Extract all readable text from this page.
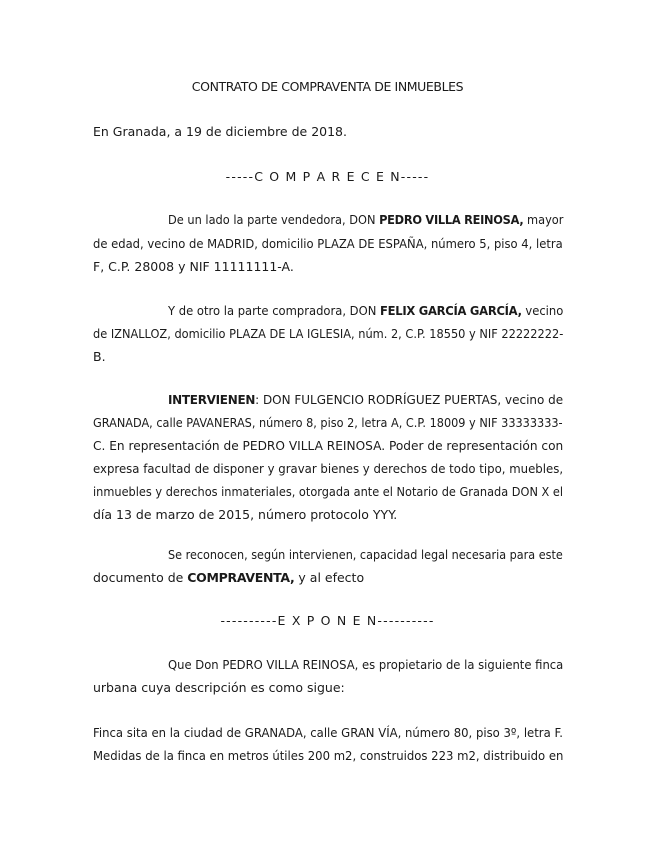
CONTRATO DE COMPRAVENTA DE INMUEBLES
En Granada, a 19 de diciembre de 2018.
-----C O M P A R E C E N-----
De un lado la parte vendedora, DON PEDRO VILLA REINOSA, mayor
de edad, vecino de MADRID, domicilio PLAZA DE ESPAÑA, número 5, piso 4, letra
F, C.P. 28008 y NIF 11111111-A.
Y de otro la parte compradora, DON FELIX GARCÍA GARCÍA, vecino
de IZNALLOZ, domicilio PLAZA DE LA IGLESIA, núm. 2, C.P. 18550 y NIF 22222222-
B.
INTERVIENEN: DON FULGENCIO RODRÍGUEZ PUERTAS, vecino de
GRANADA, calle PAVANERAS, número 8, piso 2, letra A, C.P. 18009 y NIF 33333333-
C. En representación de PEDRO VILLA REINOSA. Poder de representación con
expresa facultad de disponer y gravar bienes y derechos de todo tipo, muebles,
inmuebles y derechos inmateriales, otorgada ante el Notario de Granada DON X el
día 13 de marzo de 2015, número protocolo YYY.
Se reconocen, según intervienen, capacidad legal necesaria para este
documento de COMPRAVENTA, y al efecto
----------E X P O N E N----------
Que Don PEDRO VILLA REINOSA, es propietario de la siguiente finca
urbana cuya descripción es como sigue:
Finca sita en la ciudad de GRANADA, calle GRAN VÍA, número 80, piso 3º, letra F.
Medidas de la finca en metros útiles 200 m2, construidos 223 m2, distribuido en
